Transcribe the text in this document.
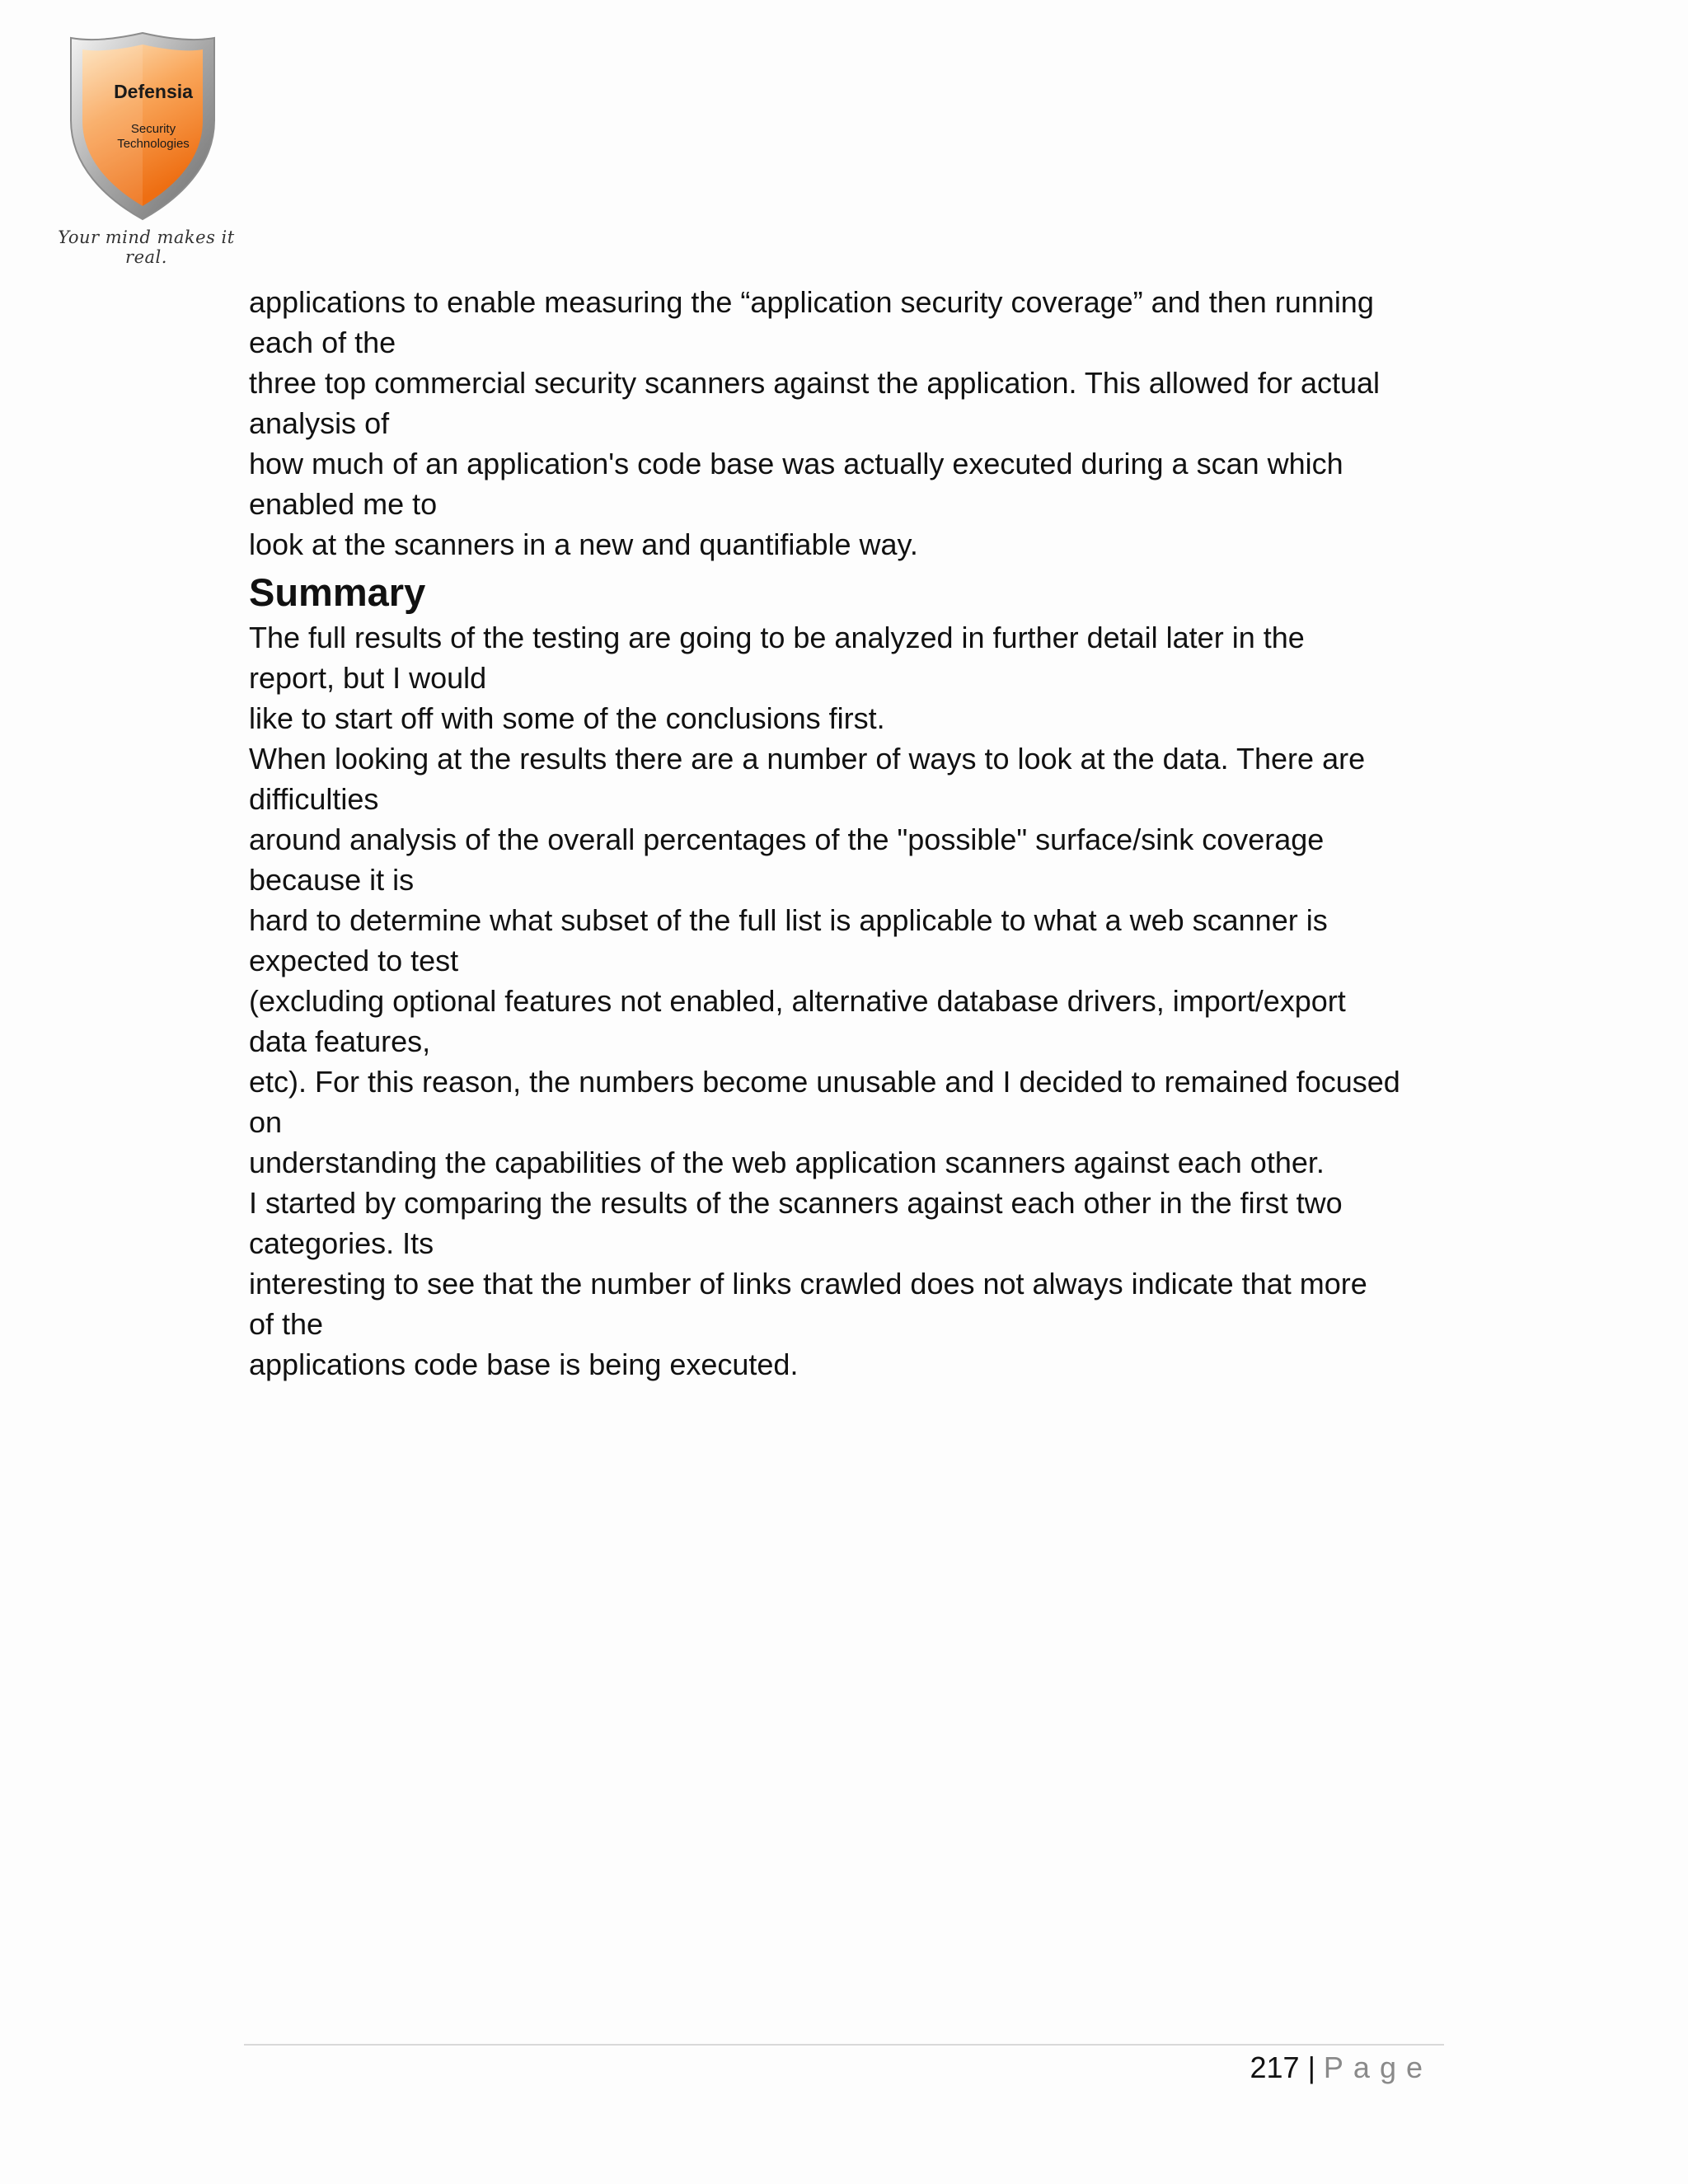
Defensia
Security
Technologies
Your mind makes it real.

applications to enable measuring the “application security coverage” and then running
each of the
three top commercial security scanners against the application. This allowed for actual
analysis of
how much of an application's code base was actually executed during a scan which
enabled me to
look at the scanners in a new and quantifiable way.

Summary

The full results of the testing are going to be analyzed in further detail later in the
report, but I would
like to start off with some of the conclusions first.

When looking at the results there are a number of ways to look at the data. There are
difficulties
around analysis of the overall percentages of the "possible" surface/sink coverage
because it is
hard to determine what subset of the full list is applicable to what a web scanner is
expected to test
(excluding optional features not enabled, alternative database drivers, import/export
data features,
etc). For this reason, the numbers become unusable and I decided to remained focused
on
understanding the capabilities of the web application scanners against each other.

I started by comparing the results of the scanners against each other in the first two
categories. Its
interesting to see that the number of links crawled does not always indicate that more
of the
applications code base is being executed.

217 | Page
